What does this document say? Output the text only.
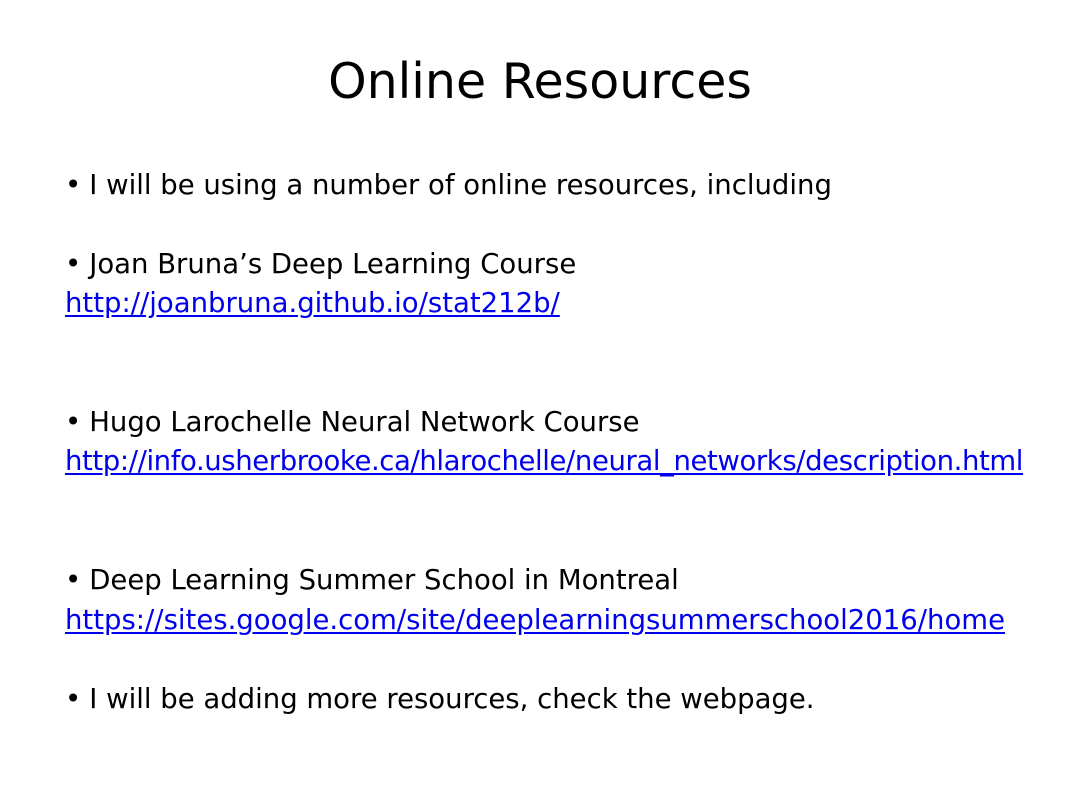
Online Resources
• I will be using a number of online resources, including
• Joan Bruna’s Deep Learning Course
http://joanbruna.github.io/stat212b/
• Hugo Larochelle Neural Network Course
http://info.usherbrooke.ca/hlarochelle/neural_networks/description.html
• Deep Learning Summer School in Montreal
https://sites.google.com/site/deeplearningsummerschool2016/home
• I will be adding more resources, check the webpage.
